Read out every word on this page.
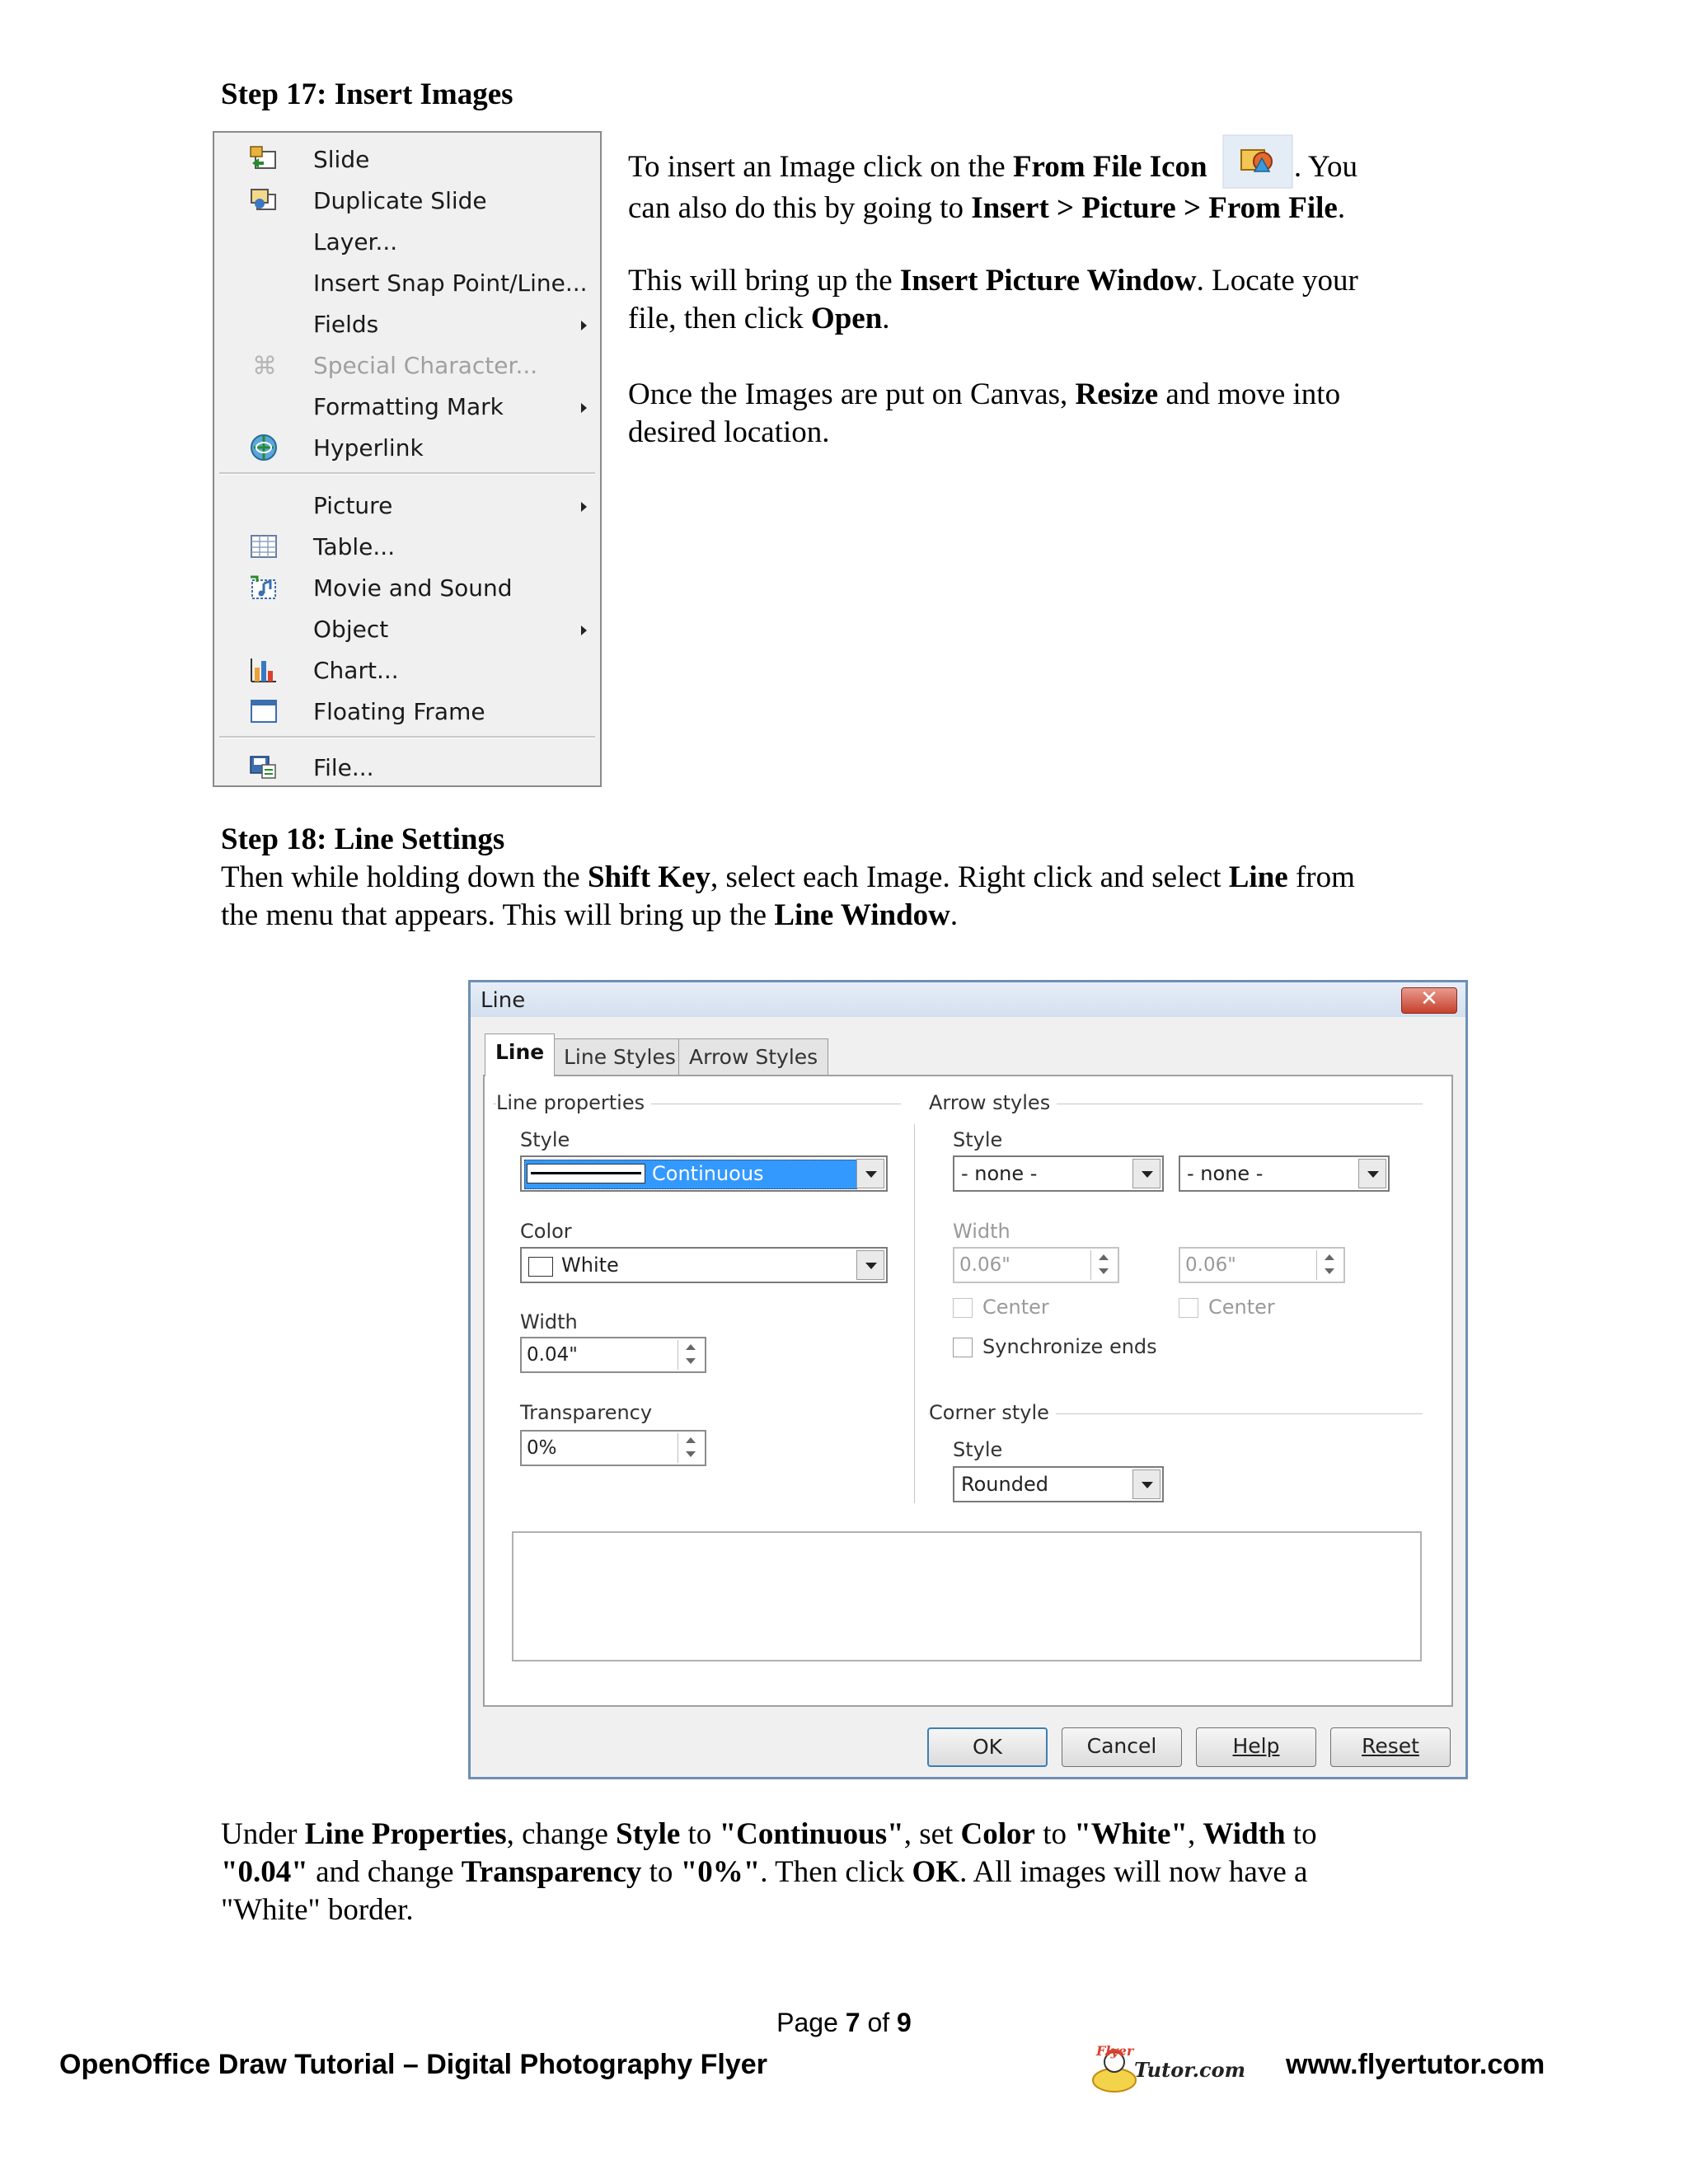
Step 17: Insert Images
Slide
Duplicate Slide
Layer...
Insert Snap Point/Line...
Fields
⌘ Special Character...
Formatting Mark
Hyperlink
Picture
Table...
Movie and Sound
Object
Chart...
Floating Frame
File...
To insert an Image click on the From File Icon	. You
can also do this by going to Insert > Picture > From File.
This will bring up the Insert Picture Window. Locate your
file, then click Open.
Once the Images are put on Canvas, Resize and move into
desired location.
Step 18: Line Settings
Then while holding down the Shift Key, select each Image. Right click and select Line from
the menu that appears. This will bring up the Line Window.
Line	✕
Line Line Styles Arrow Styles
Line properties
Style
Continuous
Color
White
Width
0.04"
Transparency
0%
Arrow styles
Style
- none -	- none -
Width
0.06"	0.06"
Center	Center
Synchronize ends
Corner style
Style
Rounded
OK	Cancel	Help	Reset
Under Line Properties, change Style to "Continuous", set Color to "White", Width to
"0.04" and change Transparency to "0%". Then click OK. All images will now have a
"White" border.
Page 7 of 9
OpenOffice Draw Tutorial – Digital Photography Flyer	Flyer
Tutor.com www.flyertutor.com
